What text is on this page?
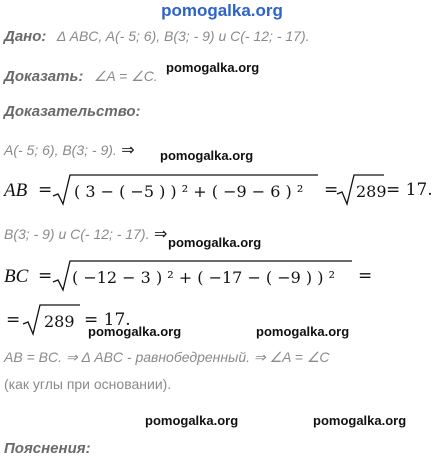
pomogalka.org
Дано: Δ ABC, A(- 5; 6), B(3; - 9) и C(- 12; - 17).
Доказать: ∠A = ∠C.
pomogalka.org
Доказательство:
A(- 5; 6), B(3; - 9). ⇒ pomogalka.org
AB = ( 3 − ( −5 ) ) ² + ( −9 − 6 ) ² = 289 = 17.
B(3; - 9) и C(- 12; - 17). ⇒ pomogalka.org
BC = ( −12 − 3 ) ² + ( −17 − ( −9 ) ) ² =
= 289 = 17.
pomogalka.org	pomogalka.org
AB = BC. ⇒ Δ ABC - равнобедренный. ⇒ ∠A = ∠C
(как углы при основании).
pomogalka.org	pomogalka.org
Пояснения:
